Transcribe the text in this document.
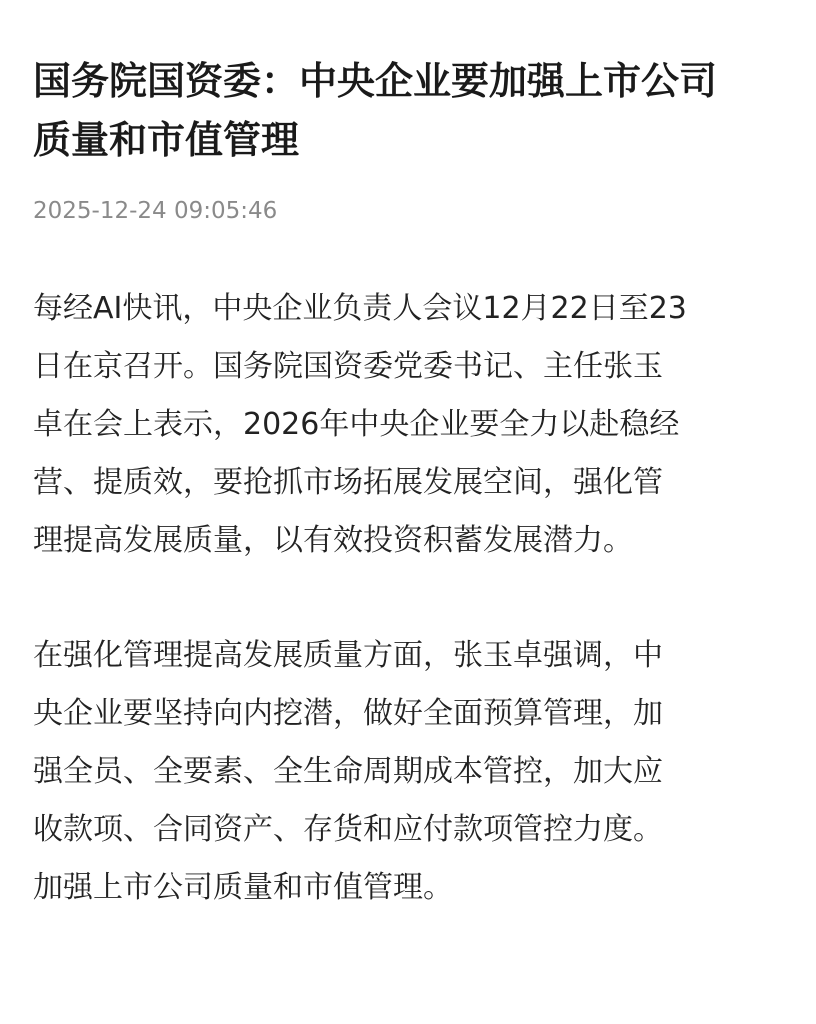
国务院国资委：中央企业要加强上市公司
质量和市值管理
2025-12-24 09:05:46

每经AI快讯，中央企业负责人会议12月22日至23
日在京召开。国务院国资委党委书记、主任张玉
卓在会上表示，2026年中央企业要全力以赴稳经
营、提质效，要抢抓市场拓展发展空间，强化管
理提高发展质量，以有效投资积蓄发展潜力。

在强化管理提高发展质量方面，张玉卓强调，中
央企业要坚持向内挖潜，做好全面预算管理，加
强全员、全要素、全生命周期成本管控，加大应
收款项、合同资产、存货和应付款项管控力度。
加强上市公司质量和市值管理。
